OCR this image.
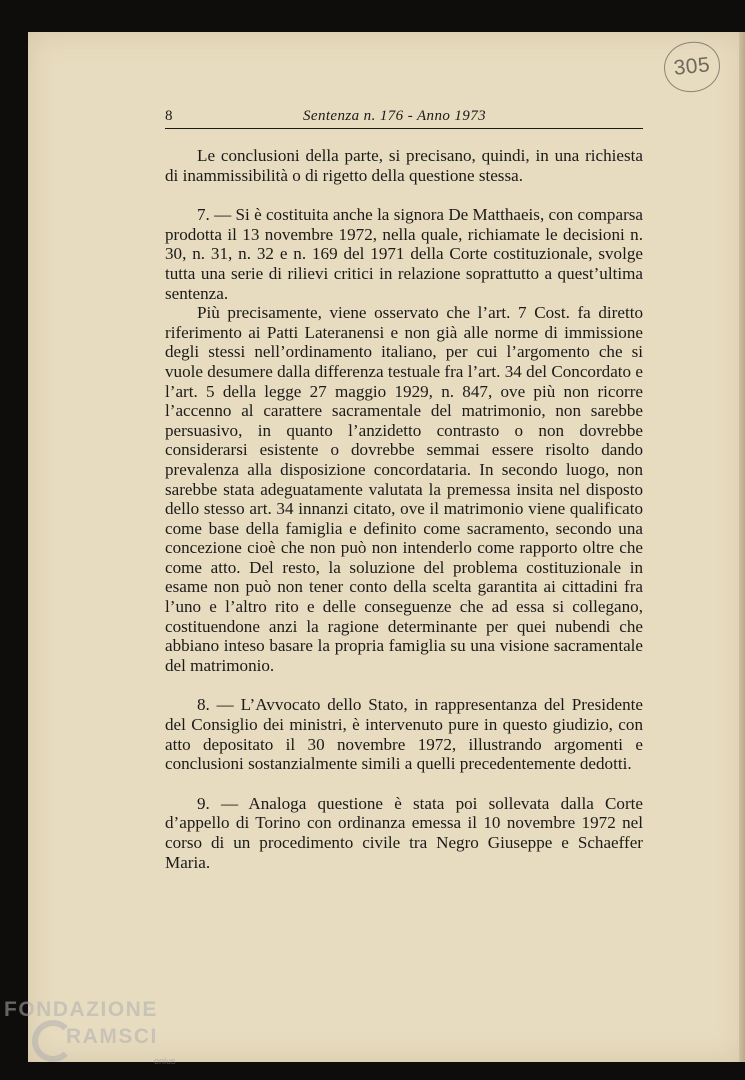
305
8	Sentenza n. 176 - Anno 1973

Le conclusioni della parte, si precisano, quindi, in una richiesta di inammissibilità o di rigetto della questione stessa.

7. — Si è costituita anche la signora De Matthaeis, con comparsa prodotta il 13 novembre 1972, nella quale, richiamate le decisioni n. 30, n. 31, n. 32 e n. 169 del 1971 della Corte costituzionale, svolge tutta una serie di rilievi critici in relazione soprattutto a quest’ultima sentenza.

Più precisamente, viene osservato che l’art. 7 Cost. fa diretto riferimento ai Patti Lateranensi e non già alle norme di immissione degli stessi nell’ordinamento italiano, per cui l’argomento che si vuole desumere dalla differenza testuale fra l’art. 34 del Concordato e l’art. 5 della legge 27 maggio 1929, n. 847, ove più non ricorre l’accenno al carattere sacramentale del matrimonio, non sarebbe persuasivo, in quanto l’anzidetto contrasto o non dovrebbe considerarsi esistente o dovrebbe semmai essere risolto dando prevalenza alla disposizione concordataria. In secondo luogo, non sarebbe stata adeguatamente valutata la premessa insita nel disposto dello stesso art. 34 innanzi citato, ove il matrimonio viene qualificato come base della famiglia e definito come sacramento, secondo una concezione cioè che non può non intenderlo come rapporto oltre che come atto. Del resto, la soluzione del problema costituzionale in esame non può non tener conto della scelta garantita ai cittadini fra l’uno e l’altro rito e delle conseguenze che ad essa si collegano, costituendone anzi la ragione determinante per quei nubendi che abbiano inteso basare la propria famiglia su una visione sacramentale del matrimonio.

8. — L’Avvocato dello Stato, in rappresentanza del Presidente del Consiglio dei ministri, è intervenuto pure in questo giudizio, con atto depositato il 30 novembre 1972, illustrando argomenti e conclusioni sostanzialmente simili a quelli precedentemente dedotti.

9. — Analoga questione è stata poi sollevata dalla Corte d’appello di Torino con ordinanza emessa il 10 novembre 1972 nel corso di un procedimento civile tra Negro Giuseppe e Schaeffer Maria.

FONDAZIONE
RAMSCI
onlus
